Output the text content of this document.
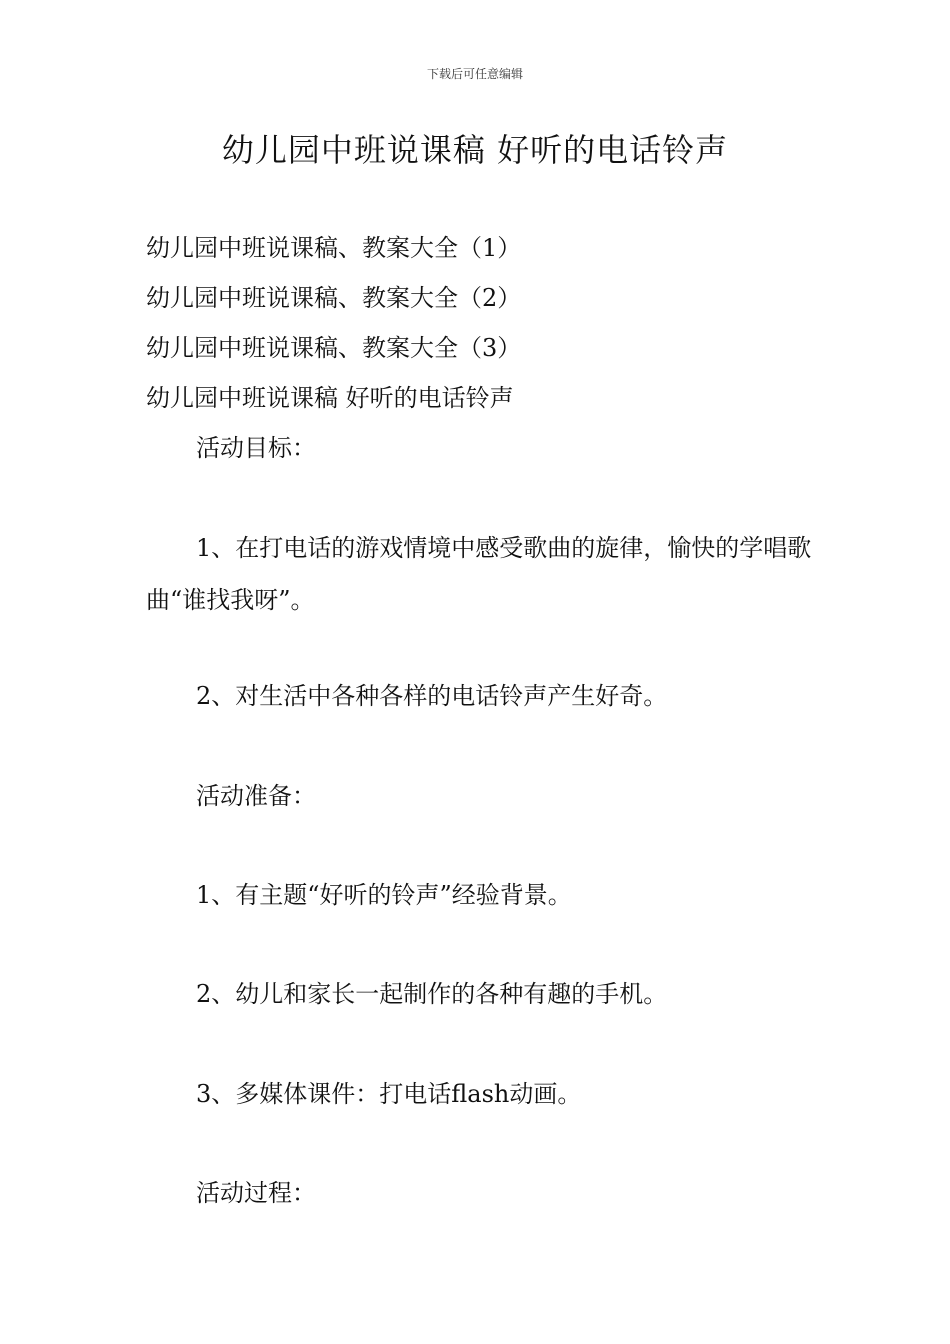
下载后可任意编辑
幼儿园中班说课稿 好听的电话铃声

幼儿园中班说课稿、教案大全（1）

幼儿园中班说课稿、教案大全（2）

幼儿园中班说课稿、教案大全（3）

幼儿园中班说课稿 好听的电话铃声

活动目标：

1、在打电话的游戏情境中感受歌曲的旋律，愉快的学唱歌曲“谁找我呀”。

2、对生活中各种各样的电话铃声产生好奇。

活动准备：

1、有主题“好听的铃声”经验背景。

2、幼儿和家长一起制作的各种有趣的手机。

3、多媒体课件：打电话flash动画。

活动过程：
